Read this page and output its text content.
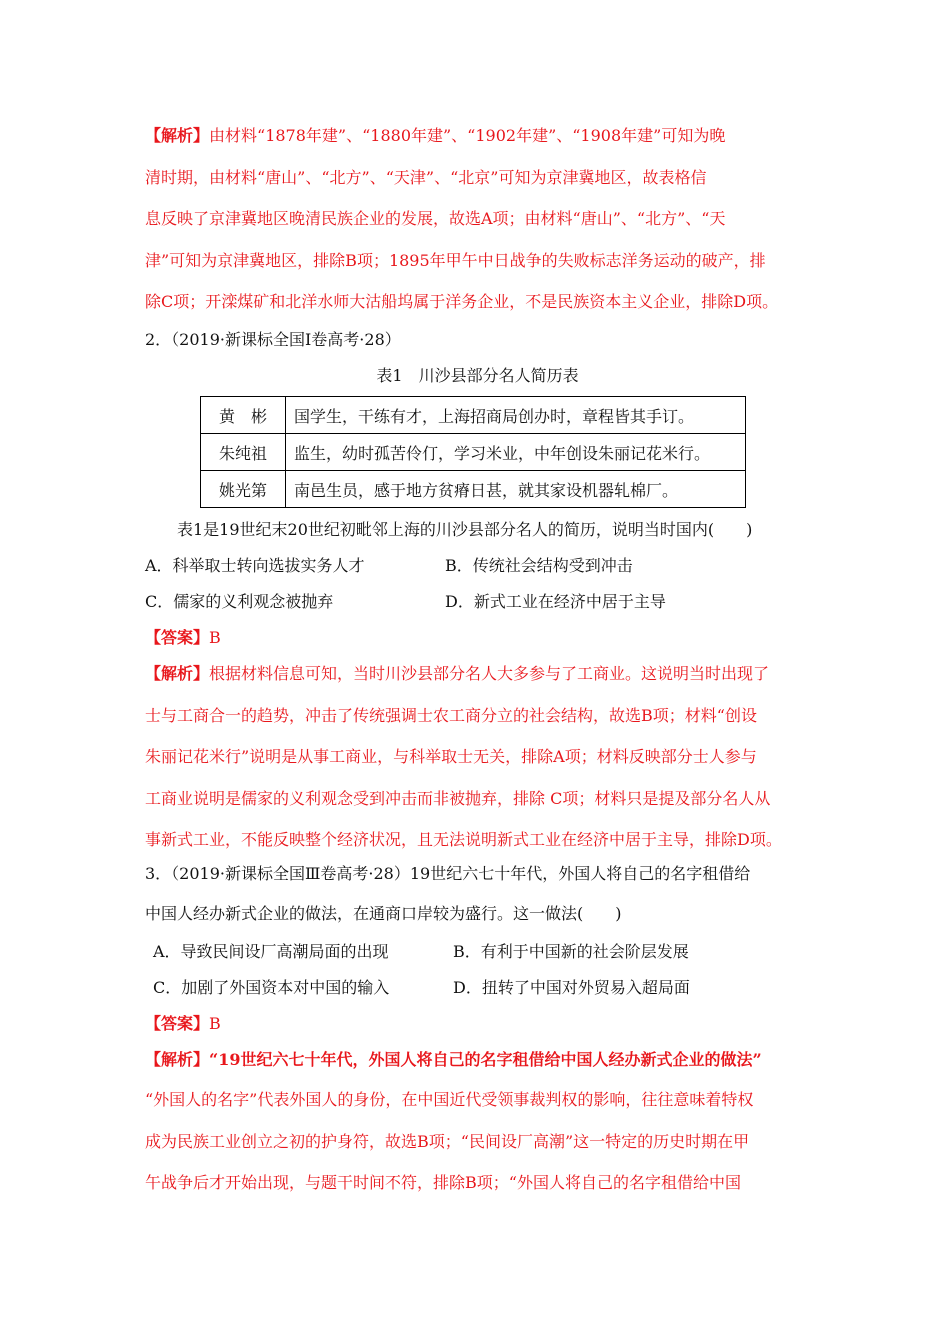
【解析】由材料“1878年建”、“1880年建”、“1902年建”、“1908年建”可知为晚

清时期，由材料“唐山”、“北方”、“天津”、“北京”可知为京津冀地区，故表格信

息反映了京津冀地区晚清民族企业的发展，故选A项；由材料“唐山”、“北方”、“天

津”可知为京津冀地区，排除B项；1895年甲午中日战争的失败标志洋务运动的破产，排

除C项；开滦煤矿和北洋水师大沽船坞属于洋务企业，不是民族资本主义企业，排除D项。

2．（2019·新课标全国Ⅰ卷高考·28）

表1　川沙县部分名人简历表

黄　彬	国学生，干练有才，上海招商局创办时，章程皆其手订。
朱纯祖	监生，幼时孤苦伶仃，学习米业，中年创设朱丽记花米行。
姚光第	南邑生员，感于地方贫瘠日甚，就其家设机器轧棉厂。

表1是19世纪末20世纪初毗邻上海的川沙县部分名人的简历，说明当时国内(　　)

A．科举取士转向选拔实务人才	B．传统社会结构受到冲击
C．儒家的义利观念被抛弃	D．新式工业在经济中居于主导

【答案】B

【解析】根据材料信息可知，当时川沙县部分名人大多参与了工商业。这说明当时出现了

士与工商合一的趋势，冲击了传统强调士农工商分立的社会结构，故选B项；材料“创设

朱丽记花米行”说明是从事工商业，与科举取士无关，排除A项；材料反映部分士人参与

工商业说明是儒家的义利观念受到冲击而非被抛弃，排除 C项；材料只是提及部分名人从

事新式工业，不能反映整个经济状况，且无法说明新式工业在经济中居于主导，排除D项。

3．（2019·新课标全国Ⅲ卷高考·28）19世纪六七十年代，外国人将自己的名字租借给

中国人经办新式企业的做法，在通商口岸较为盛行。这一做法(　　)

A．导致民间设厂高潮局面的出现	B．有利于中国新的社会阶层发展
C．加剧了外国资本对中国的输入	D．扭转了中国对外贸易入超局面

【答案】B

【解析】“19世纪六七十年代，外国人将自己的名字租借给中国人经办新式企业的做法”

“外国人的名字”代表外国人的身份，在中国近代受领事裁判权的影响，往往意味着特权

成为民族工业创立之初的护身符，故选B项；“民间设厂高潮”这一特定的历史时期在甲

午战争后才开始出现，与题干时间不符，排除B项；“外国人将自己的名字租借给中国
